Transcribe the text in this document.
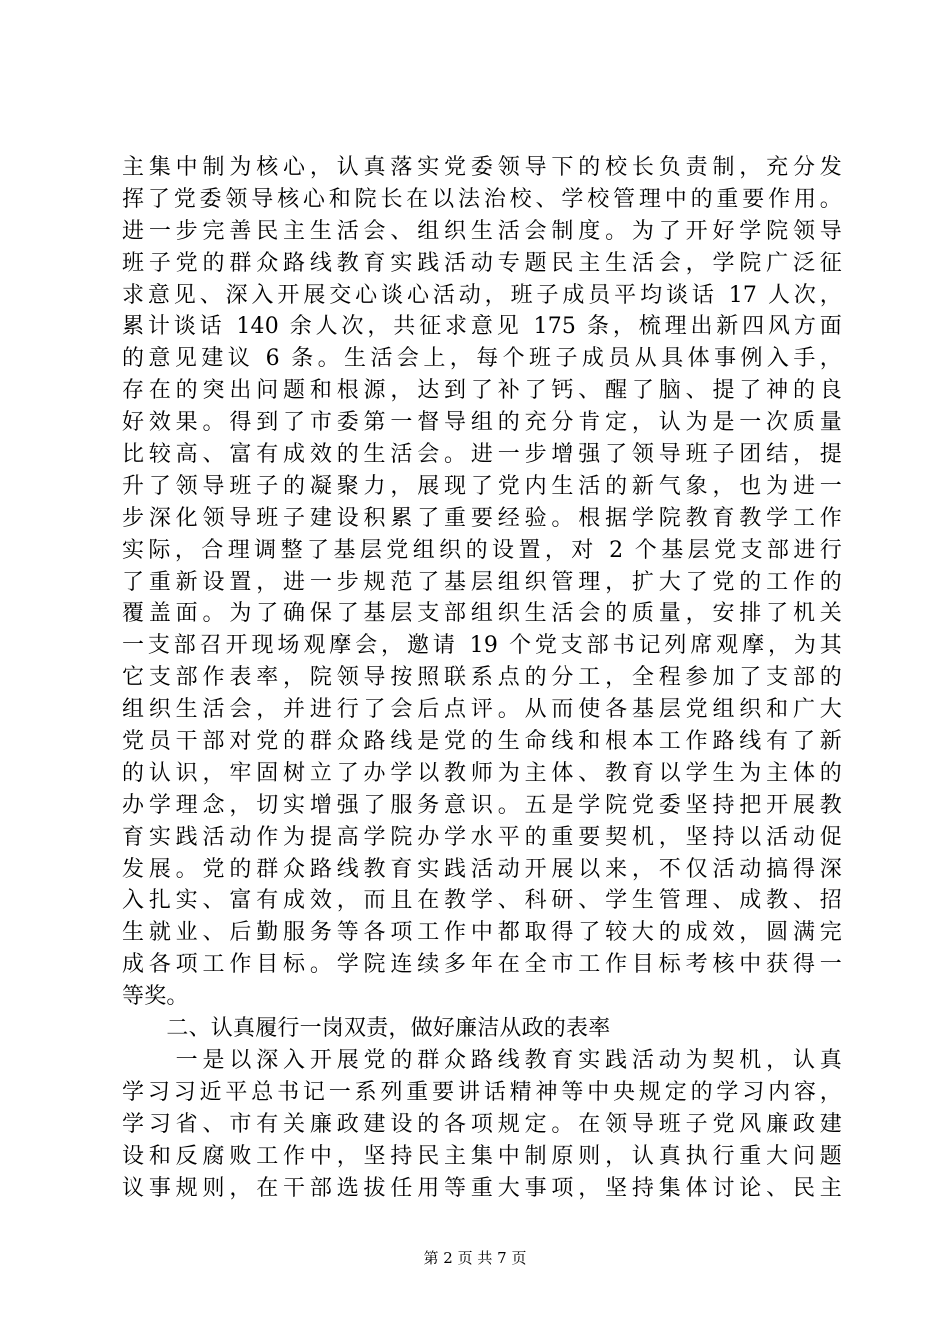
主集中制为核心，认真落实党委领导下的校长负责制，充分发
挥了党委领导核心和院长在以法治校、学校管理中的重要作用。
进一步完善民主生活会、组织生活会制度。为了开好学院领导
班子党的群众路线教育实践活动专题民主生活会，学院广泛征
求意见、深入开展交心谈心活动，班子成员平均谈话 17 人次，
累计谈话 140 余人次，共征求意见 175 条，梳理出新四风方面
的意见建议 6 条。生活会上，每个班子成员从具体事例入手，
存在的突出问题和根源，达到了补了钙、醒了脑、提了神的良
好效果。得到了市委第一督导组的充分肯定，认为是一次质量
比较高、富有成效的生活会。进一步增强了领导班子团结，提
升了领导班子的凝聚力，展现了党内生活的新气象，也为进一
步深化领导班子建设积累了重要经验。根据学院教育教学工作
实际，合理调整了基层党组织的设置，对 2 个基层党支部进行
了重新设置，进一步规范了基层组织管理，扩大了党的工作的
覆盖面。为了确保了基层支部组织生活会的质量，安排了机关
一支部召开现场观摩会，邀请 19 个党支部书记列席观摩，为其
它支部作表率，院领导按照联系点的分工，全程参加了支部的
组织生活会，并进行了会后点评。从而使各基层党组织和广大
党员干部对党的群众路线是党的生命线和根本工作路线有了新
的认识，牢固树立了办学以教师为主体、教育以学生为主体的
办学理念，切实增强了服务意识。五是学院党委坚持把开展教
育实践活动作为提高学院办学水平的重要契机，坚持以活动促
发展。党的群众路线教育实践活动开展以来，不仅活动搞得深
入扎实、富有成效，而且在教学、科研、学生管理、成教、招
生就业、后勤服务等各项工作中都取得了较大的成效，圆满完
成各项工作目标。学院连续多年在全市工作目标考核中获得一
等奖。
　　二、认真履行一岗双责，做好廉洁从政的表率
　　一是以深入开展党的群众路线教育实践活动为契机，认真
学习习近平总书记一系列重要讲话精神等中央规定的学习内容，
学习省、市有关廉政建设的各项规定。在领导班子党风廉政建
设和反腐败工作中，坚持民主集中制原则，认真执行重大问题
议事规则，在干部选拔任用等重大事项，坚持集体讨论、民主
第 2 页 共 7 页
